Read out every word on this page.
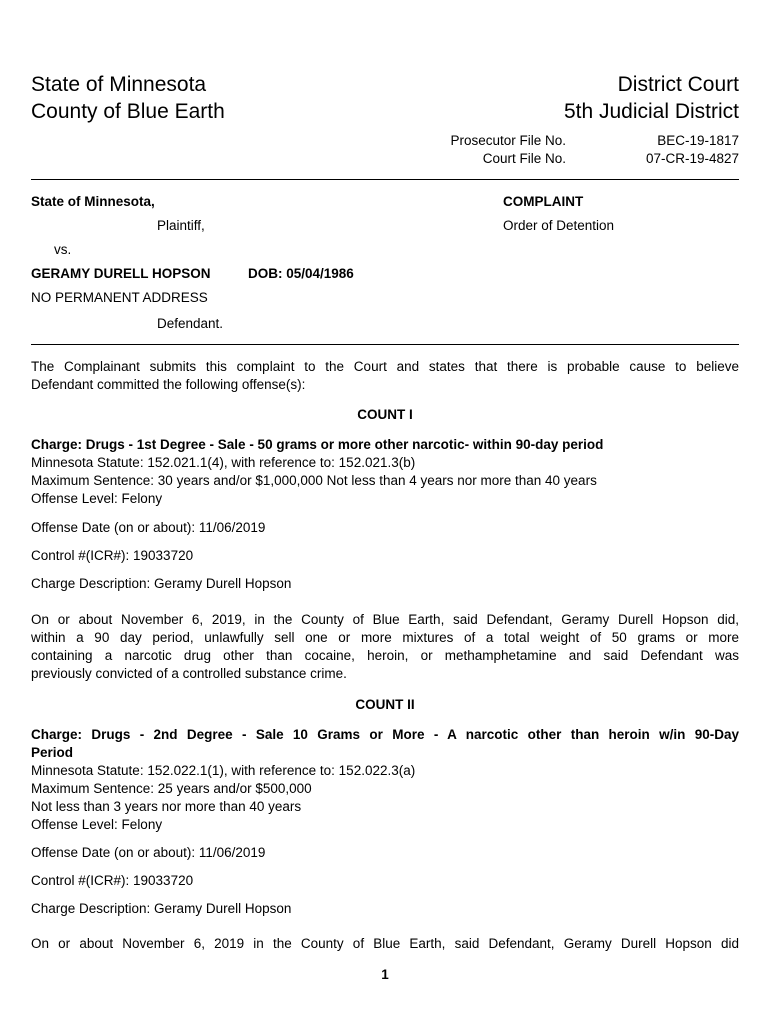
State of Minnesota
County of Blue Earth
District Court
5th Judicial District
Prosecutor File No.
Court File No.
BEC-19-1817
07-CR-19-4827
State of Minnesota,
Plaintiff,
vs.
GERAMY DURELL HOPSON	DOB: 05/04/1986
NO PERMANENT ADDRESS
Defendant.
COMPLAINT
Order of Detention
The Complainant submits this complaint to the Court and states that there is probable cause to believe
Defendant committed the following offense(s):
COUNT I
Charge: Drugs - 1st Degree - Sale - 50 grams or more other narcotic- within 90-day period
Minnesota Statute: 152.021.1(4), with reference to: 152.021.3(b)
Maximum Sentence: 30 years and/or $1,000,000 Not less than 4 years nor more than 40 years
Offense Level: Felony
Offense Date (on or about): 11/06/2019
Control #(ICR#): 19033720
Charge Description: Geramy Durell Hopson
On or about November 6, 2019, in the County of Blue Earth, said Defendant, Geramy Durell Hopson did,
within a 90 day period, unlawfully sell one or more mixtures of a total weight of 50 grams or more
containing a narcotic drug other than cocaine, heroin, or methamphetamine and said Defendant was
previously convicted of a controlled substance crime.
COUNT II
Charge: Drugs - 2nd Degree - Sale 10 Grams or More - A narcotic other than heroin w/in 90-Day
Period
Minnesota Statute: 152.022.1(1), with reference to: 152.022.3(a)
Maximum Sentence: 25 years and/or $500,000
Not less than 3 years nor more than 40 years
Offense Level: Felony
Offense Date (on or about): 11/06/2019
Control #(ICR#): 19033720
Charge Description: Geramy Durell Hopson
On or about November 6, 2019 in the County of Blue Earth, said Defendant, Geramy Durell Hopson did
1
